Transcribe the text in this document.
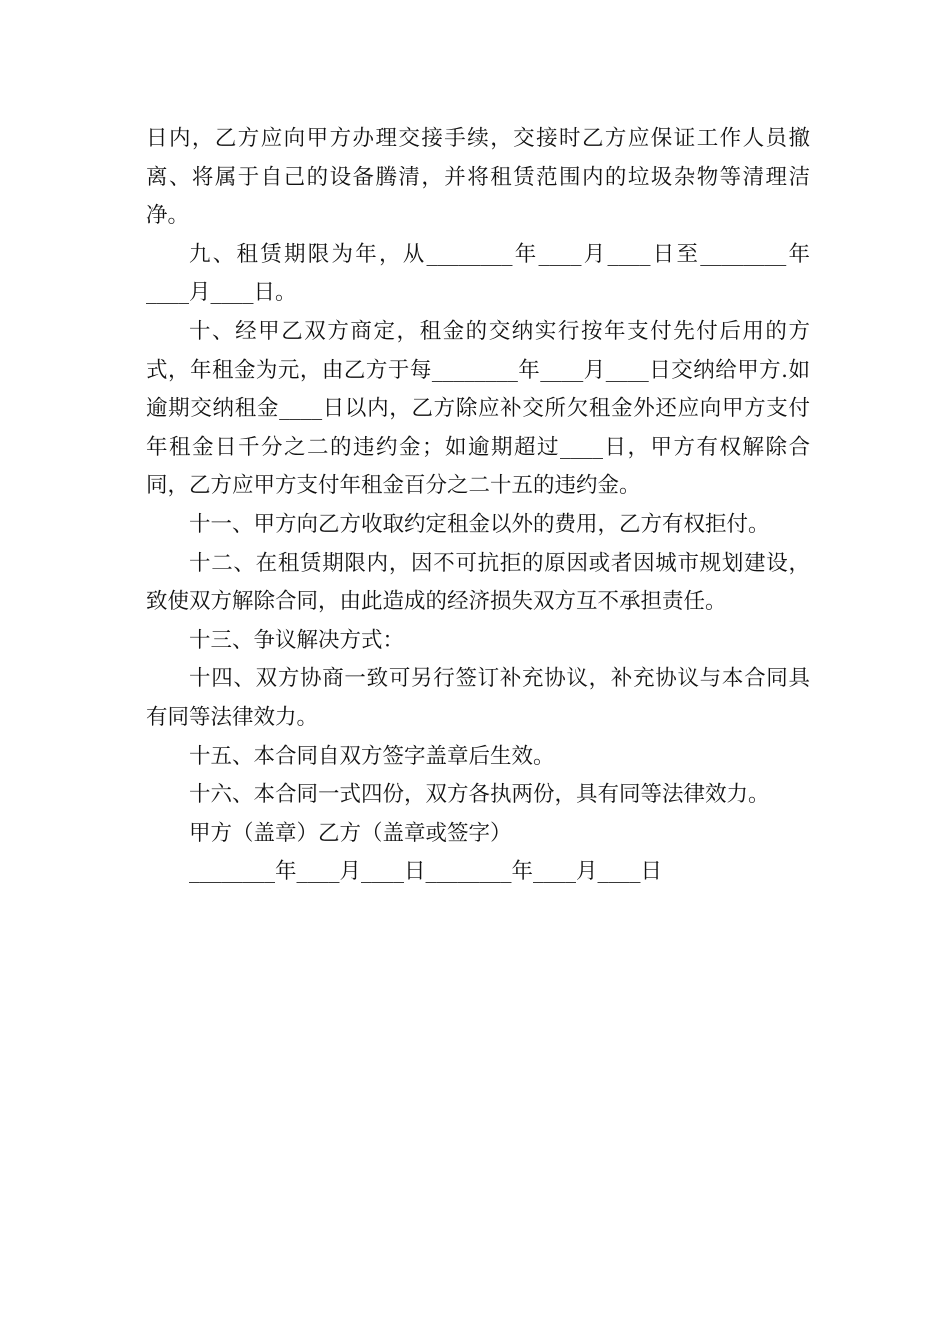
日内，乙方应向甲方办理交接手续，交接时乙方应保证工作人员撤离、将属于自己的设备腾清，并将租赁范围内的垃圾杂物等清理洁净。

九、租赁期限为年，从________年____月____日至________年____月____日。

十、经甲乙双方商定，租金的交纳实行按年支付先付后用的方式，年租金为元，由乙方于每________年____月____日交纳给甲方.如逾期交纳租金____日以内，乙方除应补交所欠租金外还应向甲方支付年租金日千分之二的违约金；如逾期超过____日，甲方有权解除合同，乙方应甲方支付年租金百分之二十五的违约金。

十一、甲方向乙方收取约定租金以外的费用，乙方有权拒付。

十二、在租赁期限内，因不可抗拒的原因或者因城市规划建设，致使双方解除合同，由此造成的经济损失双方互不承担责任。

十三、争议解决方式：

十四、双方协商一致可另行签订补充协议，补充协议与本合同具有同等法律效力。

十五、本合同自双方签字盖章后生效。

十六、本合同一式四份，双方各执两份，具有同等法律效力。

甲方（盖章）乙方（盖章或签字）

________年____月____日________年____月____日
